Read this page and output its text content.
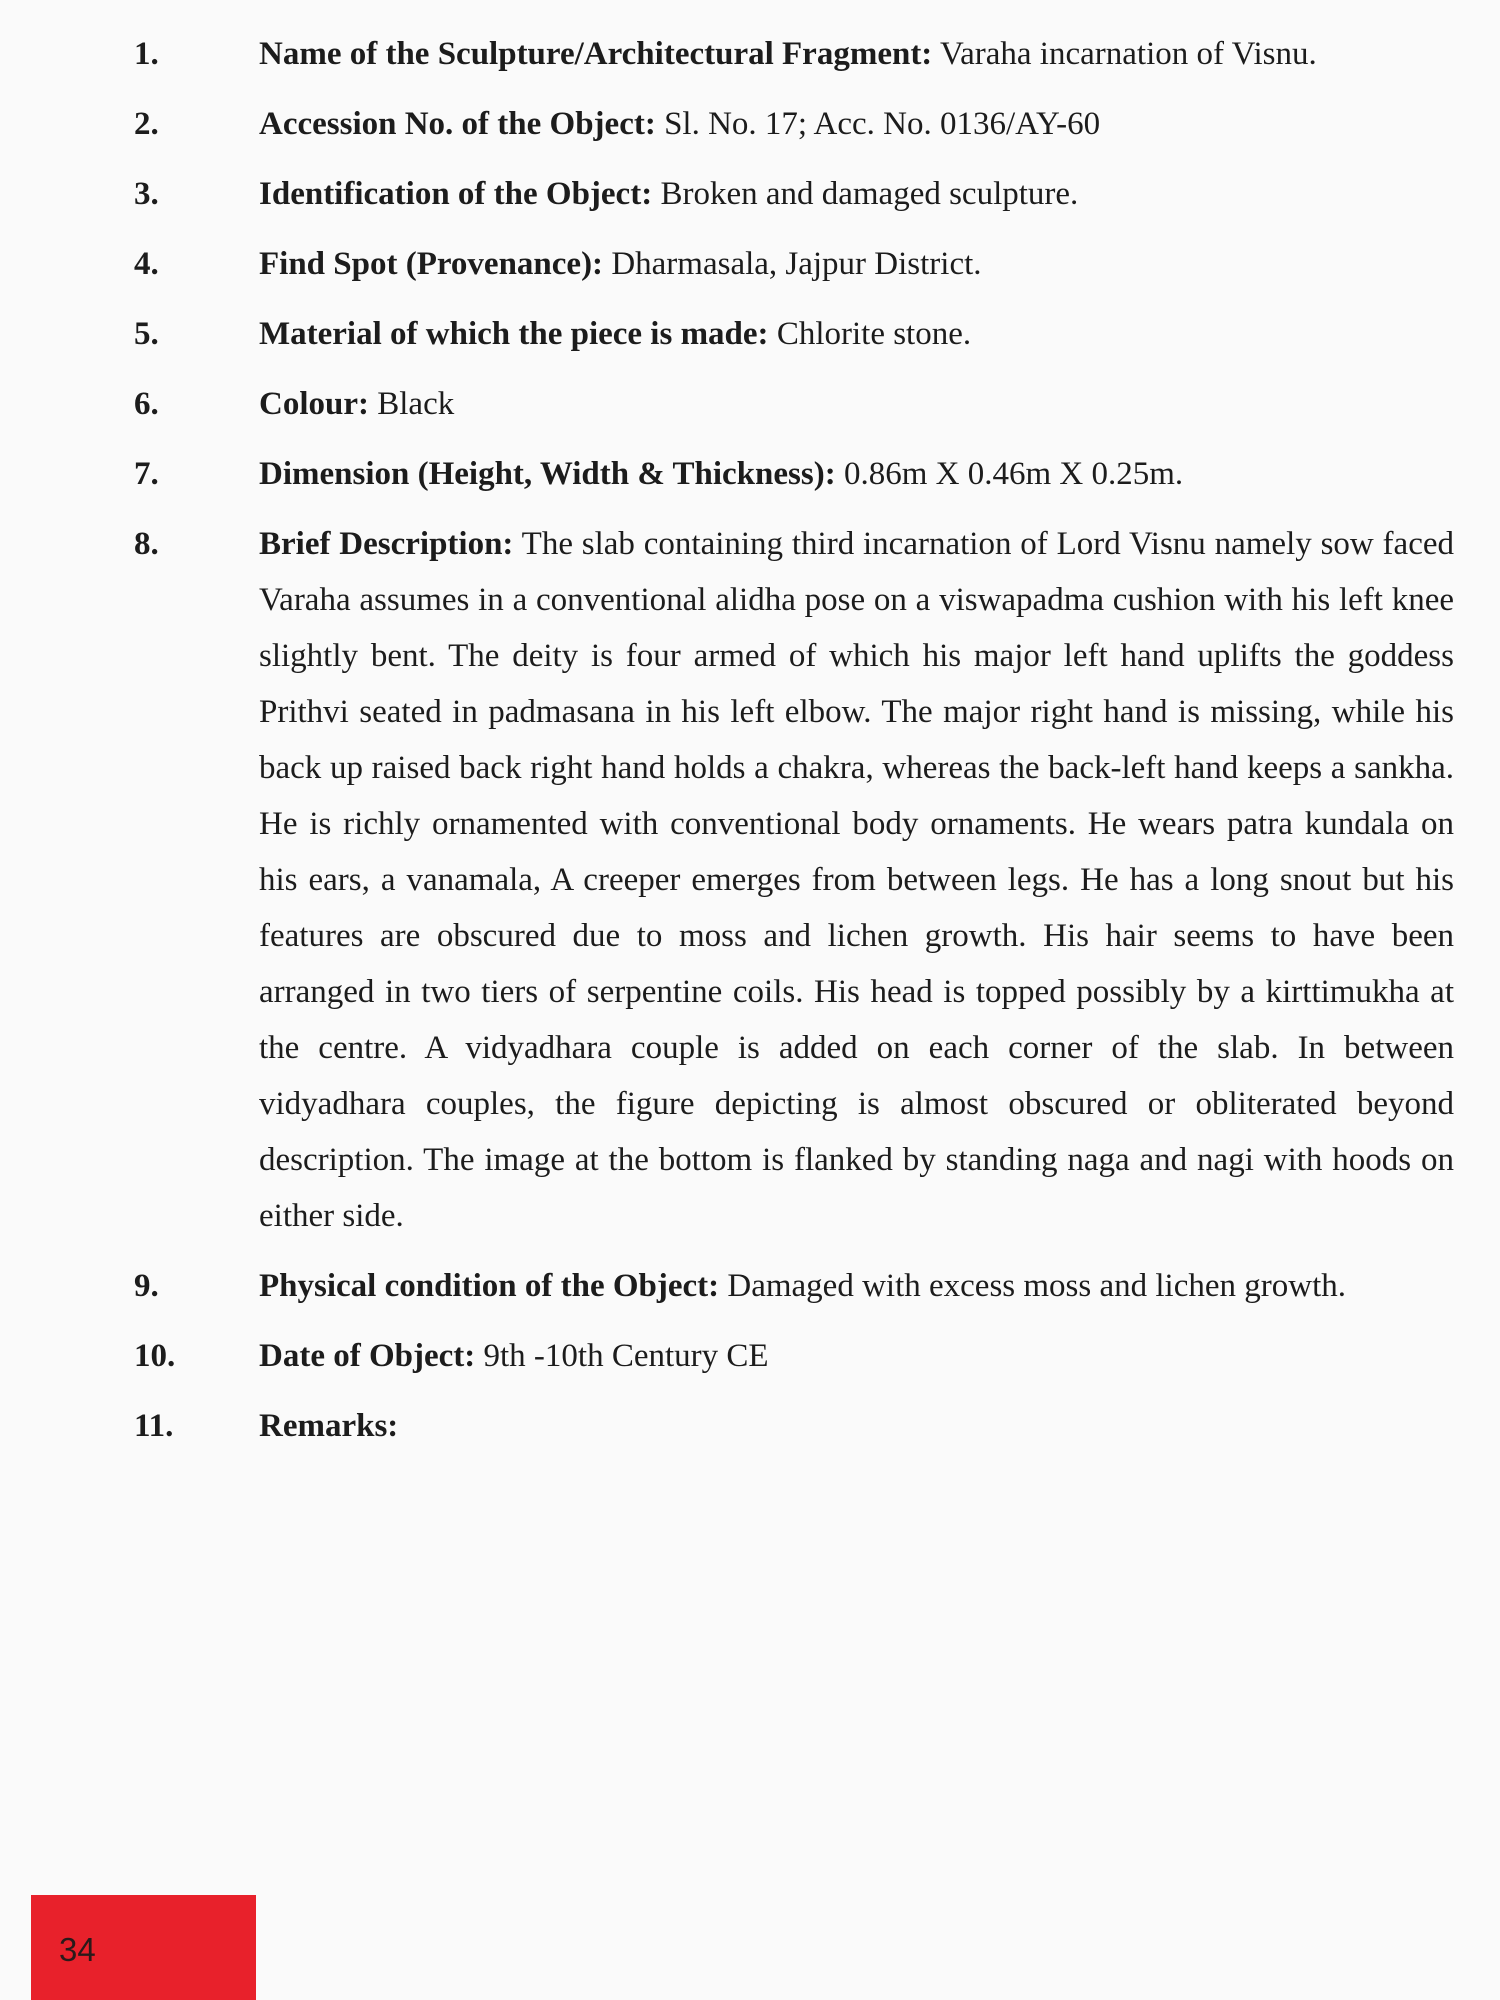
1.	Name of the Sculpture/Architectural Fragment: Varaha incarnation of Visnu.
2.	Accession No. of the Object: Sl. No. 17; Acc. No. 0136/AY-60
3.	Identification of the Object: Broken and damaged sculpture.
4.	Find Spot (Provenance): Dharmasala, Jajpur District.
5.	Material of which the piece is made: Chlorite stone.
6.	Colour: Black
7.	Dimension (Height, Width & Thickness): 0.86m X 0.46m X 0.25m.
8.	Brief Description: The slab containing third incarnation of Lord Visnu namely sow faced Varaha assumes in a conventional alidha pose on a viswapadma cushion with his left knee slightly bent. The deity is four armed of which his major left hand uplifts the goddess Prithvi seated in padmasana in his left elbow. The major right hand is missing, while his back up raised back right hand holds a chakra, whereas the back-left hand keeps a sankha. He is richly ornamented with conventional body ornaments. He wears patra kundala on his ears, a vanamala, A creeper emerges from between legs. He has a long snout but his features are obscured due to moss and lichen growth. His hair seems to have been arranged in two tiers of serpentine coils. His head is topped possibly by a kirttimukha at the centre. A vidyadhara couple is added on each corner of the slab. In between vidyadhara couples, the figure depicting is almost obscured or obliterated beyond description. The image at the bottom is flanked by standing naga and nagi with hoods on either side.
9.	Physical condition of the Object: Damaged with excess moss and lichen growth.
10.	Date of Object: 9th -10th Century CE
11.	Remarks:
34
